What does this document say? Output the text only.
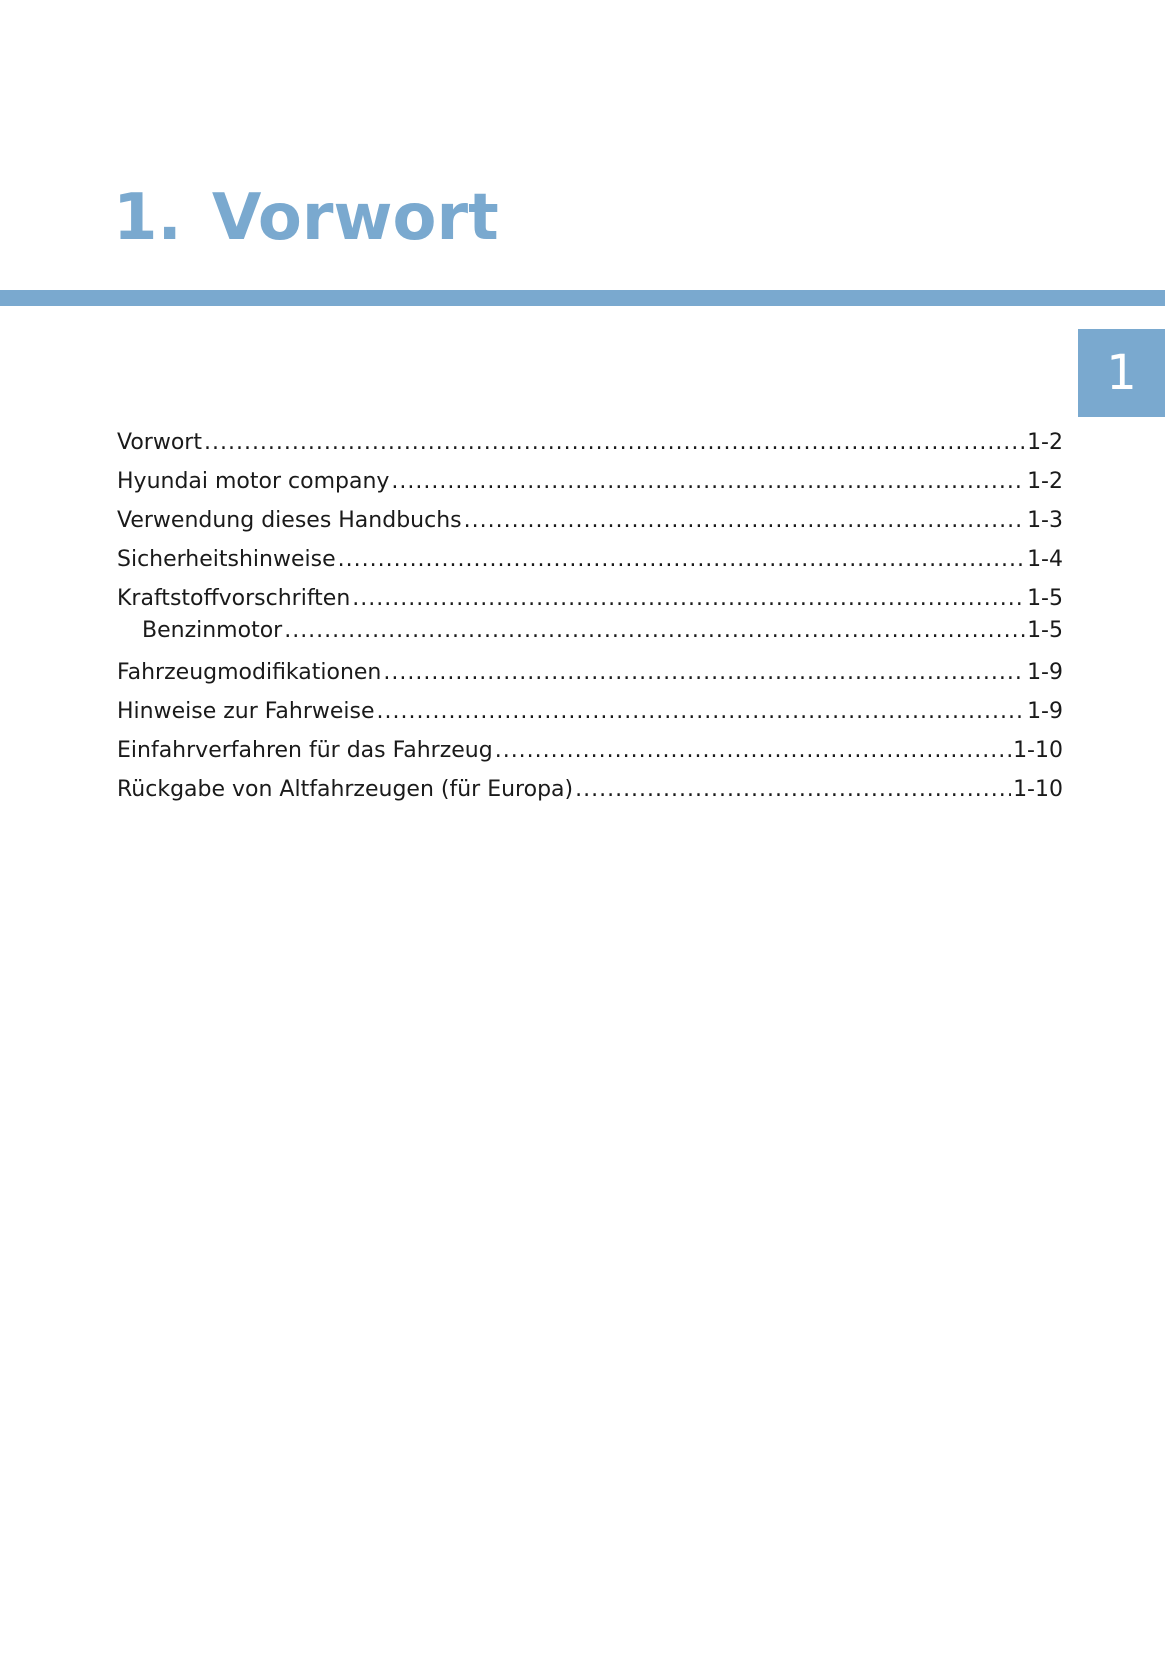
1. Vorwort
1
Vorwort .....	1-2
Hyundai motor company .....	1-2
Verwendung dieses Handbuchs .....	1-3
Sicherheitshinweise .....	1-4
Kraftstoffvorschriften .....	1-5
Benzinmotor .....	1-5
Fahrzeugmodifikationen .....	1-9
Hinweise zur Fahrweise .....	1-9
Einfahrverfahren für das Fahrzeug .....	1-10
Rückgabe von Altfahrzeugen (für Europa) .....	1-10
